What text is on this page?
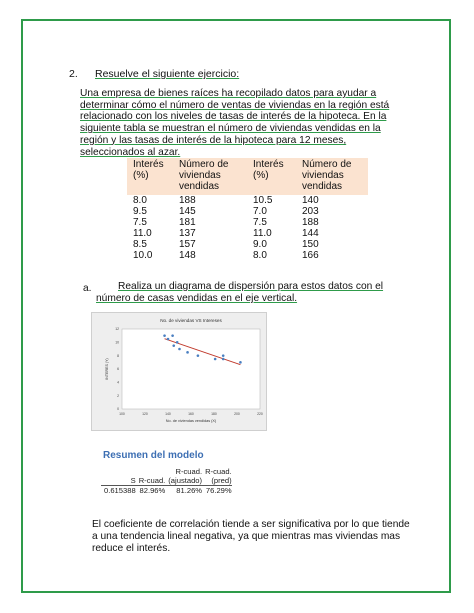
2. Resuelve el siguiente ejercicio:
Una empresa de bienes raíces ha recopilado datos para ayudar a determinar cómo el número de ventas de viviendas en la región está relacionado con los niveles de tasas de interés de la hipoteca. En la siguiente tabla se muestran el número de viviendas vendidas en la región y las tasas de interés de la hipoteca para 12 meses, seleccionados al azar.
Interés (%)	Número de viviendas vendidas	Interés (%)	Número de viviendas vendidas
8.0	188	10.5	140
9.5	145	7.0	203
7.5	181	7.5	188
11.0	137	11.0	144
8.5	157	9.0	150
10.0	148	8.0	166
a.	Realiza un diagrama de dispersión para estos datos con el número de casas vendidas en el eje vertical.
No. de viviendas VS Intereses
100	120	140	160	180	200	220
0
2
4
6
8
10
12
No. de viviendas vendidas (X)
INTERES (Y)
Resumen del modelo
		R-cuad.	R-cuad.
S	R-cuad.	(ajustado)	(pred)
0.615388	82.96%	81.26%	76.29%
El coeficiente de correlación tiende a ser significativa por lo que tiende a una tendencia lineal negativa, ya que mientras mas viviendas mas reduce el interés.
